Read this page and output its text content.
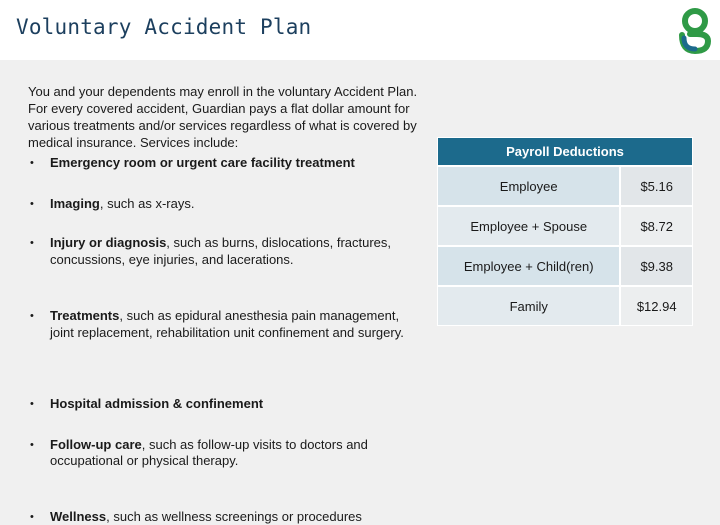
Voluntary Accident Plan

You and your dependents may enroll in the voluntary Accident Plan. For every covered accident, Guardian pays a flat dollar amount for various treatments and/or services regardless of what is covered by medical insurance. Services include:

• Emergency room or urgent care facility treatment
• Imaging, such as x-rays.
• Injury or diagnosis, such as burns, dislocations, fractures, concussions, eye injuries, and lacerations.
• Treatments, such as epidural anesthesia pain management, joint replacement, rehabilitation unit confinement and surgery.
• Hospital admission & confinement
• Follow-up care, such as follow-up visits to doctors and occupational or physical therapy.
• Wellness, such as wellness screenings or procedures
Payroll Deductions	
Employee	$5.16
Employee + Spouse	$8.72
Employee + Child(ren)	$9.38
Family	$12.94
